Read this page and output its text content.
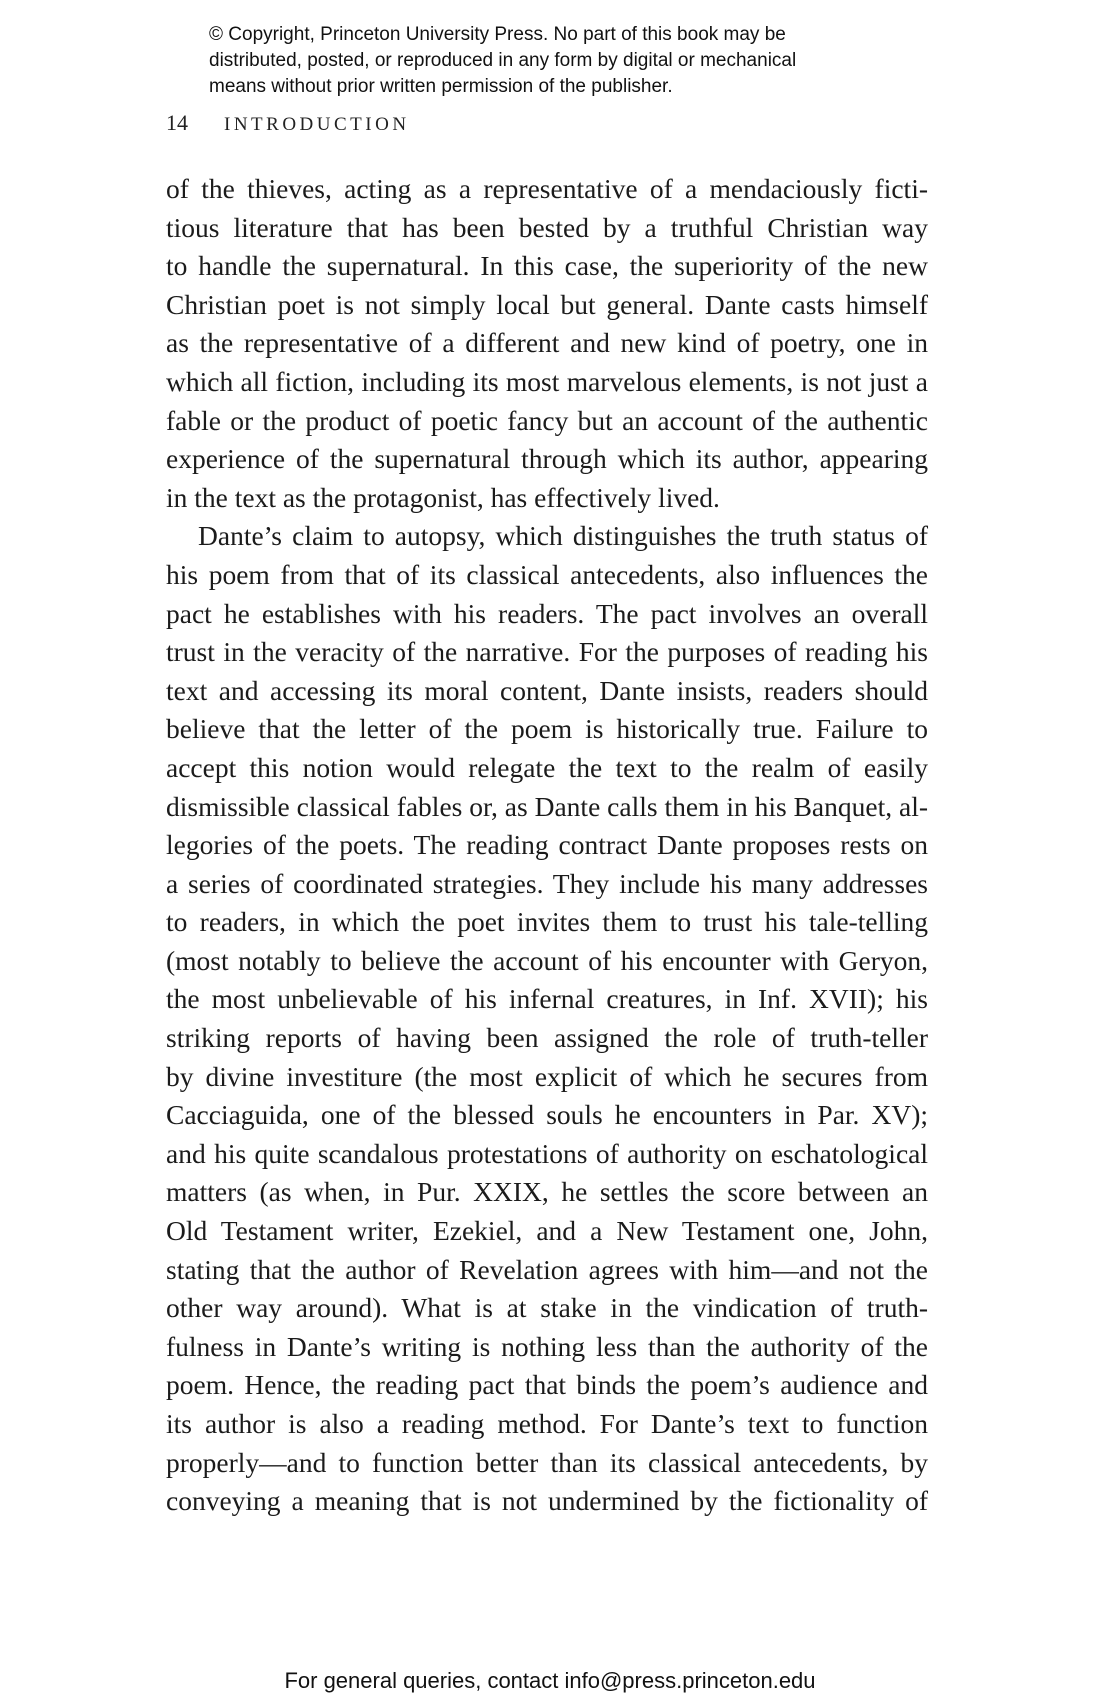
© Copyright, Princeton University Press. No part of this book may be
distributed, posted, or reproduced in any form by digital or mechanical
means without prior written permission of the publisher.
14	INTRODUCTION
of the thieves, acting as a representative of a mendaciously ficti-
tious literature that has been bested by a truthful Christian way
to handle the supernatural. In this case, the superiority of the new
Christian poet is not simply local but general. Dante casts himself
as the representative of a different and new kind of poetry, one in
which all fiction, including its most marvelous elements, is not just a
fable or the product of poetic fancy but an account of the authentic
experience of the supernatural through which its author, appearing
in the text as the protagonist, has effectively lived.
Dante’s claim to autopsy, which distinguishes the truth status of
his poem from that of its classical antecedents, also influences the
pact he establishes with his readers. The pact involves an overall
trust in the veracity of the narrative. For the purposes of reading his
text and accessing its moral content, Dante insists, readers should
believe that the letter of the poem is historically true. Failure to
accept this notion would relegate the text to the realm of easily
dismissible classical fables or, as Dante calls them in his Banquet, al-
legories of the poets. The reading contract Dante proposes rests on
a series of coordinated strategies. They include his many addresses
to readers, in which the poet invites them to trust his tale-telling
(most notably to believe the account of his encounter with Geryon,
the most unbelievable of his infernal creatures, in Inf. XVII); his
striking reports of having been assigned the role of truth-teller
by divine investiture (the most explicit of which he secures from
Cacciaguida, one of the blessed souls he encounters in Par. XV);
and his quite scandalous protestations of authority on eschatological
matters (as when, in Pur. XXIX, he settles the score between an
Old Testament writer, Ezekiel, and a New Testament one, John,
stating that the author of Revelation agrees with him—and not the
other way around). What is at stake in the vindication of truth-
fulness in Dante’s writing is nothing less than the authority of the
poem. Hence, the reading pact that binds the poem’s audience and
its author is also a reading method. For Dante’s text to function
properly—and to function better than its classical antecedents, by
conveying a meaning that is not undermined by the fictionality of
For general queries, contact info@press.princeton.edu
